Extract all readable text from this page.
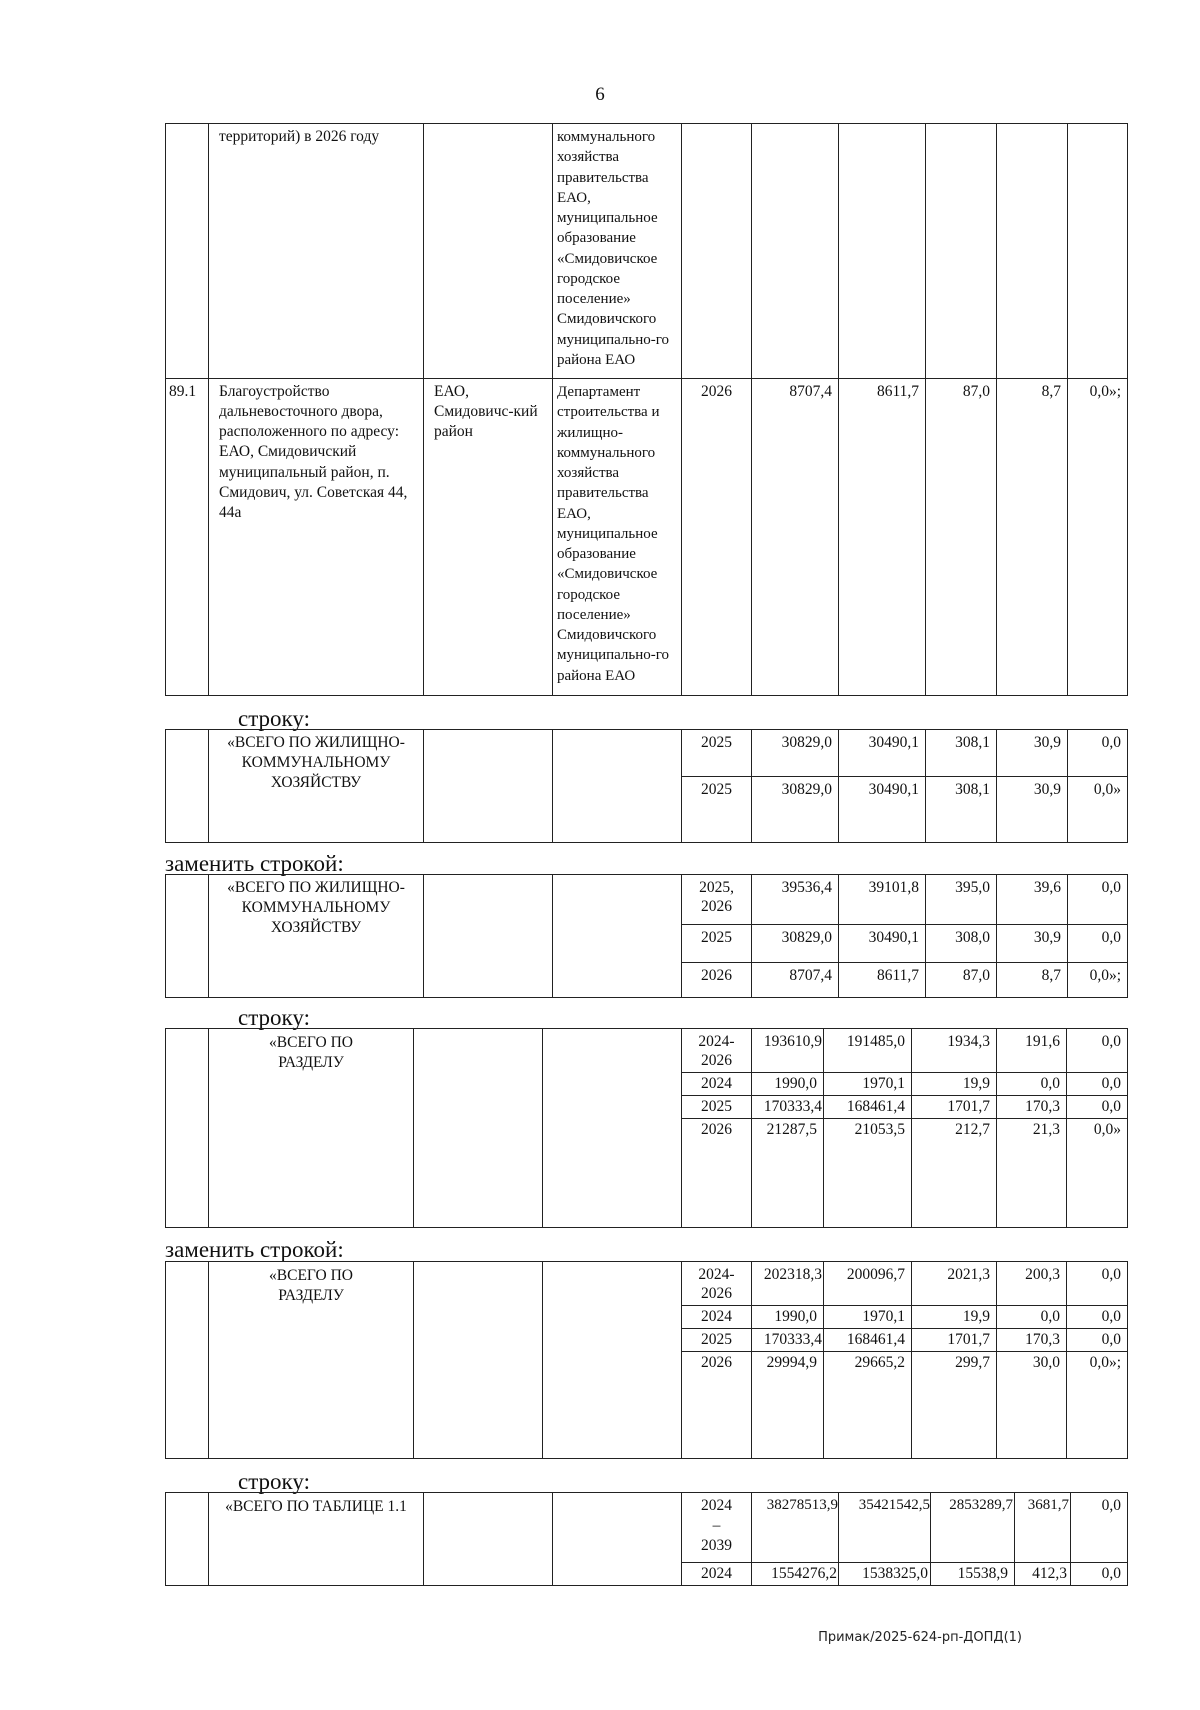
6
	территорий) в 2026 году		коммунального хозяйства правительства ЕАО, муниципальное образование «Смидовичское городское поселение» Смидовичского муниципально-го района ЕАО						
89.1	Благоустройство дальневосточного двора, расположенного по адресу: ЕАО, Смидовичский муниципальный район, п. Смидович, ул. Советская 44, 44а	ЕАО, Смидовичс-кий район	Департамент строительства и жилищно-коммунального хозяйства правительства ЕАО, муниципальное образование «Смидовичское городское поселение» Смидовичского муниципально-го района ЕАО	2026	8707,4	8611,7	87,0	8,7	0,0»;
строку:
	«ВСЕГО ПО ЖИЛИЩНО-КОММУНАЛЬНОМУ ХОЗЯЙСТВУ			2025	30829,0	30490,1	308,1	30,9	0,0
				2025	30829,0	30490,1	308,1	30,9	0,0»
заменить строкой:
	«ВСЕГО ПО ЖИЛИЩНО-КОММУНАЛЬНОМУ ХОЗЯЙСТВУ			2025, 2026	39536,4	39101,8	395,0	39,6	0,0
				2025	30829,0	30490,1	308,0	30,9	0,0
				2026	8707,4	8611,7	87,0	8,7	0,0»;
строку:
	«ВСЕГО ПО РАЗДЕЛУ			2024-2026	193610,9	191485,0	1934,3	191,6	0,0
				2024	1990,0	1970,1	19,9	0,0	0,0
				2025	170333,4	168461,4	1701,7	170,3	0,0
				2026	21287,5	21053,5	212,7	21,3	0,0»
заменить строкой:
	«ВСЕГО ПО РАЗДЕЛУ			2024-2026	202318,3	200096,7	2021,3	200,3	0,0
				2024	1990,0	1970,1	19,9	0,0	0,0
				2025	170333,4	168461,4	1701,7	170,3	0,0
				2026	29994,9	29665,2	299,7	30,0	0,0»;
строку:
	«ВСЕГО ПО ТАБЛИЦЕ 1.1			2024 – 2039	38278513,9	35421542,5	2853289,7	3681,7	0,0
				2024	1554276,2	1538325,0	15538,9	412,3	0,0
Примак/2025-624-рп-ДОПД(1)
